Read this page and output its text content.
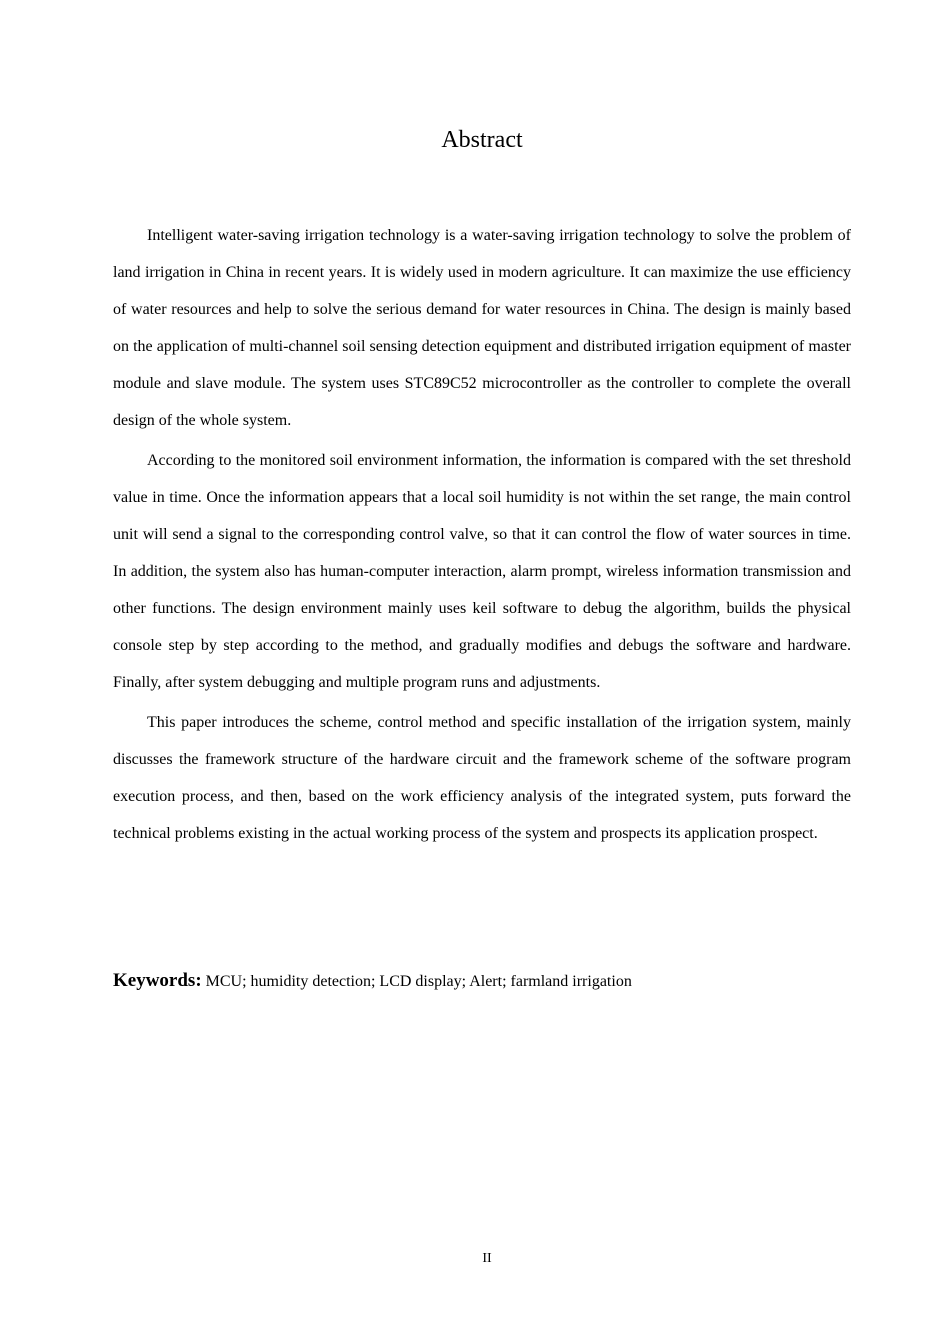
Abstract

Intelligent water-saving irrigation technology is a water-saving irrigation technology to solve the problem of land irrigation in China in recent years. It is widely used in modern agriculture. It can maximize the use efficiency of water resources and help to solve the serious demand for water resources in China. The design is mainly based on the application of multi-channel soil sensing detection equipment and distributed irrigation equipment of master module and slave module. The system uses STC89C52 microcontroller as the controller to complete the overall design of the whole system.

According to the monitored soil environment information, the information is compared with the set threshold value in time. Once the information appears that a local soil humidity is not within the set range, the main control unit will send a signal to the corresponding control valve, so that it can control the flow of water sources in time. In addition, the system also has human-computer interaction, alarm prompt, wireless information transmission and other functions. The design environment mainly uses keil software to debug the algorithm, builds the physical console step by step according to the method, and gradually modifies and debugs the software and hardware. Finally, after system debugging and multiple program runs and adjustments.

This paper introduces the scheme, control method and specific installation of the irrigation system, mainly discusses the framework structure of the hardware circuit and the framework scheme of the software program execution process, and then, based on the work efficiency analysis of the integrated system, puts forward the technical problems existing in the actual working process of the system and prospects its application prospect.

Keywords: MCU; humidity detection; LCD display; Alert; farmland irrigation
II
